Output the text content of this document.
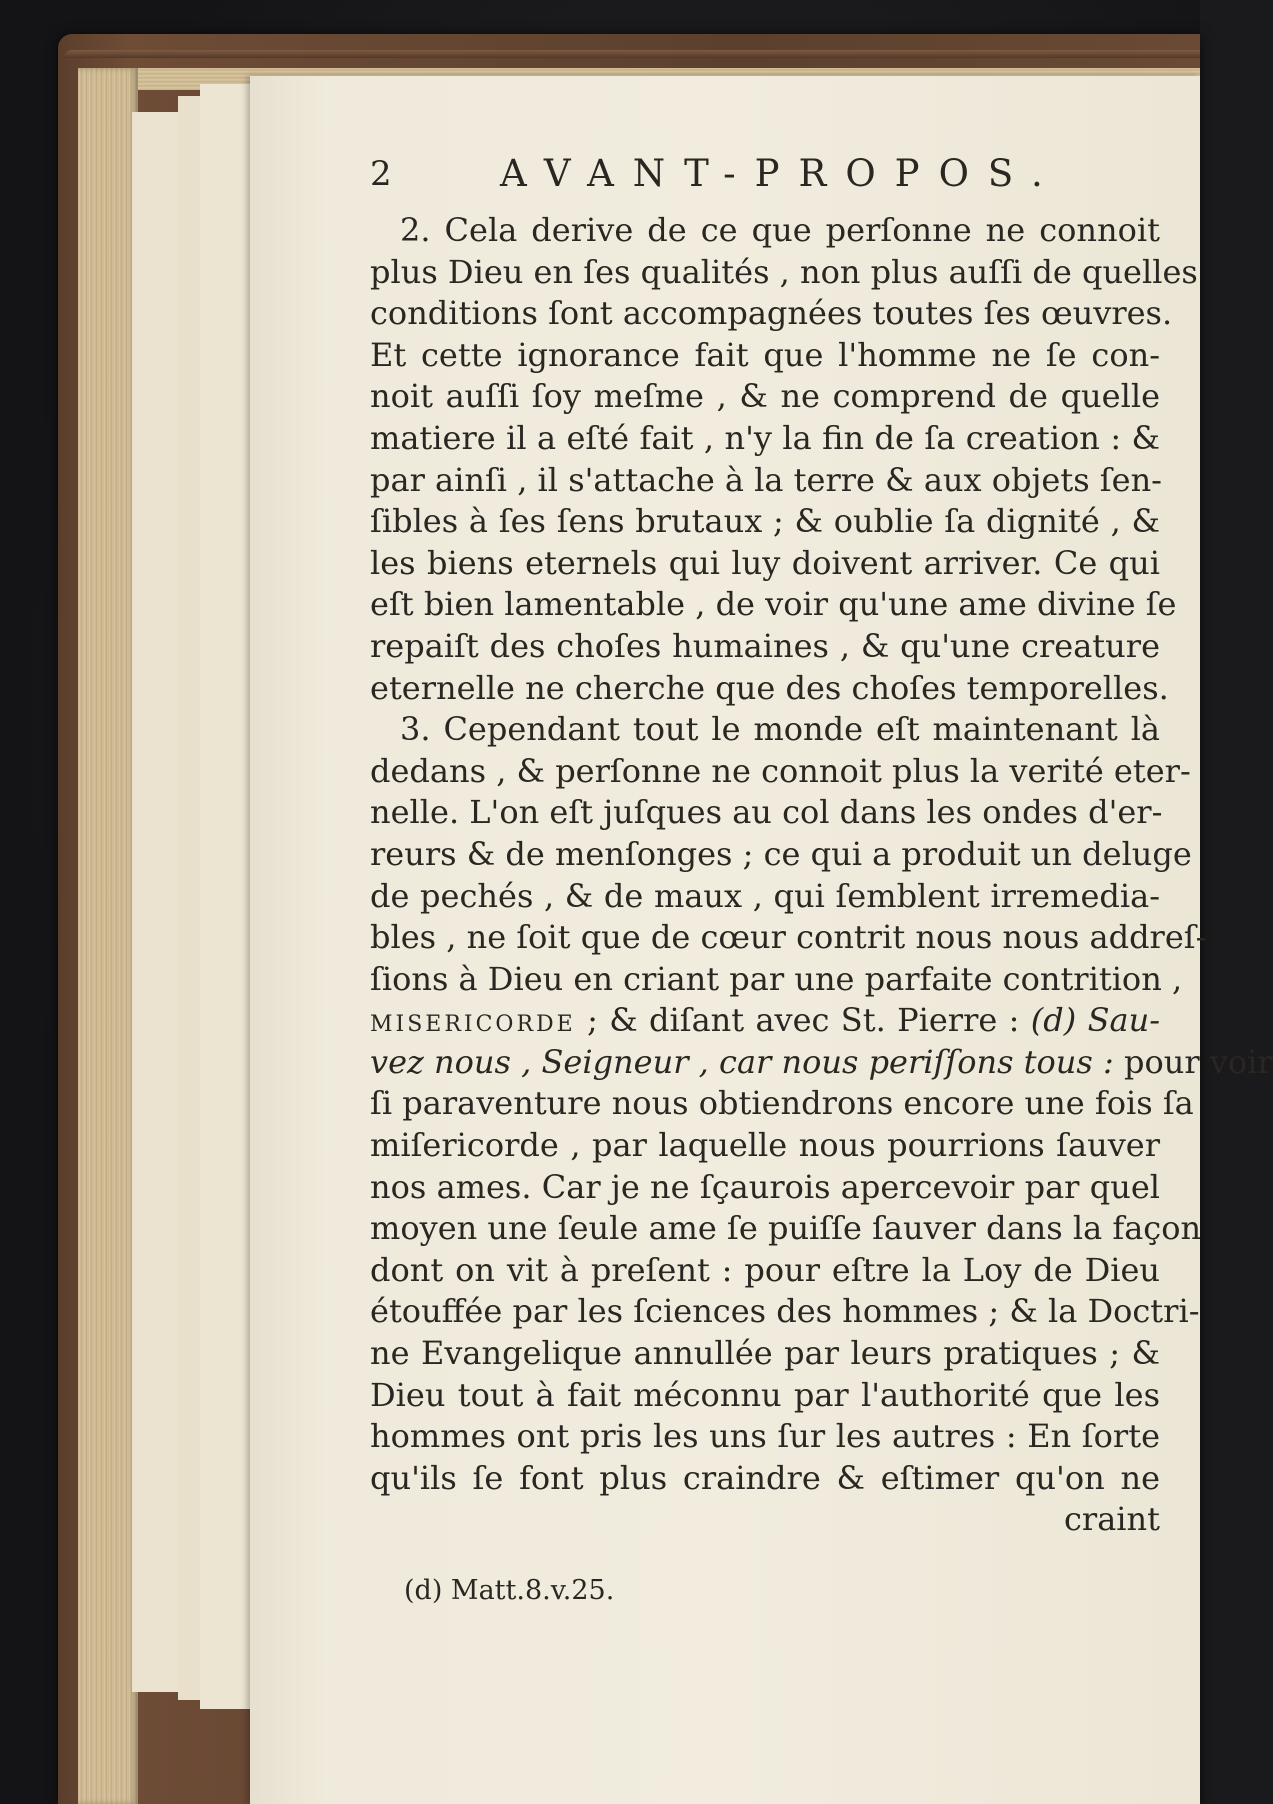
2	AVANT-PROPOS.
2. Cela derive de ce que perſonne ne connoit
plus Dieu en ſes qualités , non plus auſſi de quelles
conditions ſont accompagnées toutes ſes œuvres.
Et cette ignorance fait que l'homme ne ſe con-
noit auſſi ſoy meſme , & ne comprend de quelle
matiere il a eſté fait , n'y la fin de ſa creation : &
par ainſi , il s'attache à la terre & aux objets ſen-
ſibles à ſes ſens brutaux ; & oublie ſa dignité , &
les biens eternels qui luy doivent arriver. Ce qui
eſt bien lamentable , de voir qu'une ame divine ſe
repaiſt des choſes humaines , & qu'une creature
eternelle ne cherche que des choſes temporelles.
3. Cependant tout le monde eſt maintenant là
dedans , & perſonne ne connoit plus la verité eter-
nelle. L'on eſt juſques au col dans les ondes d'er-
reurs & de menſonges ; ce qui a produit un deluge
de pechés , & de maux , qui ſemblent irremedia-
bles , ne ſoit que de cœur contrit nous nous addreſ-
ſions à Dieu en criant par une parfaite contrition ,
MISERICORDE ; & diſant avec St. Pierre : (d) Sau-
vez nous , Seigneur , car nous periſſons tous : pour voir
ſi paraventure nous obtiendrons encore une fois ſa
miſericorde , par laquelle nous pourrions ſauver
nos ames. Car je ne ſçaurois apercevoir par quel
moyen une ſeule ame ſe puiſſe ſauver dans la façon
dont on vit à preſent : pour eſtre la Loy de Dieu
étouffée par les ſciences des hommes ; & la Doctri-
ne Evangelique annullée par leurs pratiques ; &
Dieu tout à fait méconnu par l'authorité que les
hommes ont pris les uns ſur les autres : En ſorte
qu'ils ſe font plus craindre & eſtimer qu'on ne
craint
(d) Matt.8.v.25.
